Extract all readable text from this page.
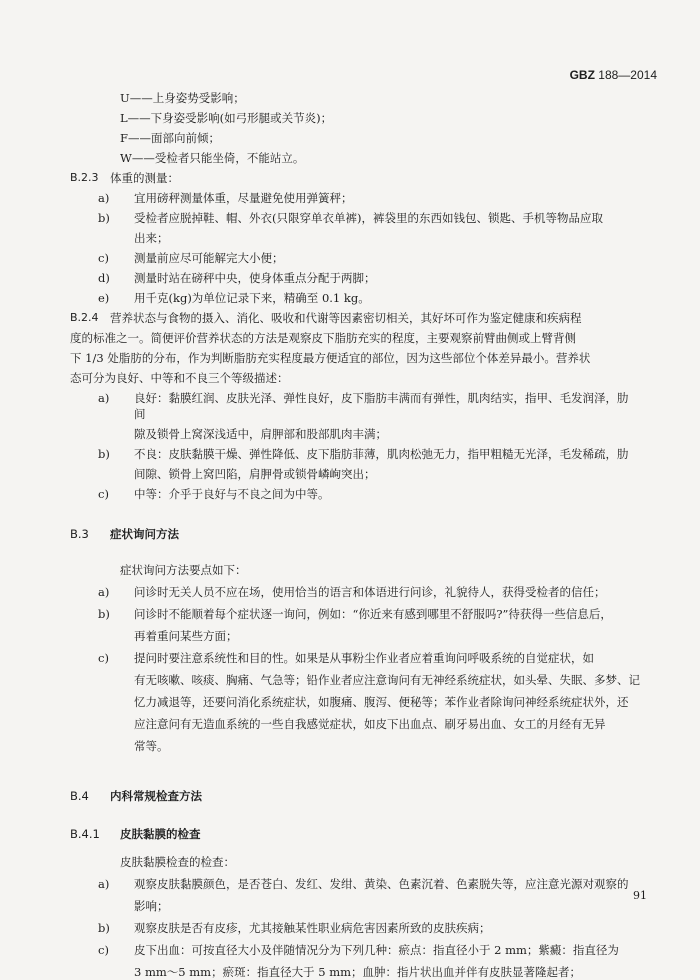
GBZ 188—2014
U——上身姿势受影响；
L——下身姿受影响(如弓形腿或关节炎)；
F——面部向前倾；
W——受检者只能坐倚，不能站立。
B.2.3 体重的测量：
a)	宜用磅秤测量体重，尽量避免使用弹簧秤；
b)	受检者应脱掉鞋、帽、外衣(只限穿单衣单裤)，裤袋里的东西如钱包、锁匙、手机等物品应取
出来；
c)	测量前应尽可能解完大小便；
d)	测量时站在磅秤中央，使身体重点分配于两脚；
e)	用千克(kg)为单位记录下来，精确至 0.1 kg。
B.2.4 营养状态与食物的摄入、消化、吸收和代谢等因素密切相关，其好坏可作为鉴定健康和疾病程
度的标准之一。简便评价营养状态的方法是观察皮下脂肪充实的程度，主要观察前臂曲侧或上臂背侧
下 1/3 处脂肪的分布，作为判断脂肪充实程度最方便适宜的部位，因为这些部位个体差异最小。营养状
态可分为良好、中等和不良三个等级描述：
a)	良好：黏膜红润、皮肤光泽、弹性良好，皮下脂肪丰满而有弹性，肌肉结实，指甲、毛发润泽，肋间
隙及锁骨上窝深浅适中，肩胛部和股部肌肉丰满；
b)	不良：皮肤黏膜干燥、弹性降低、皮下脂肪菲薄，肌肉松弛无力，指甲粗糙无光泽，毛发稀疏，肋
间隙、锁骨上窝凹陷，肩胛骨或锁骨嶙峋突出；
c)	中等：介乎于良好与不良之间为中等。
B.3	症状询问方法
症状询问方法要点如下：
a)	问诊时无关人员不应在场，使用恰当的语言和体语进行问诊，礼貌待人，获得受检者的信任；
b)	问诊时不能顺着每个症状逐一询问，例如：“你近来有感到哪里不舒服吗?”待获得一些信息后，
再着重问某些方面；
c)	提问时要注意系统性和目的性。如果是从事粉尘作业者应着重询问呼吸系统的自觉症状，如
有无咳嗽、咳痰、胸痛、气急等；铅作业者应注意询问有无神经系统症状，如头晕、失眠、多梦、记
忆力减退等，还要问消化系统症状，如腹痛、腹泻、便秘等；苯作业者除询问神经系统症状外，还
应注意问有无造血系统的一些自我感觉症状，如皮下出血点、刷牙易出血、女工的月经有无异
常等。
B.4	内科常规检查方法
B.4.1	皮肤黏膜的检查
皮肤黏膜检查的检查：
a)	观察皮肤黏膜颜色，是否苍白、发红、发绀、黄染、色素沉着、色素脱失等，应注意光源对观察的
影响；
b)	观察皮肤是否有皮疹，尤其接触某性职业病危害因素所致的皮肤疾病；
c)	皮下出血：可按直径大小及伴随情况分为下列几种：瘀点：指直径小于 2 mm；紫癜：指直径为
3 mm～5 mm；瘀斑：指直径大于 5 mm；血肿：指片状出血并伴有皮肤显著隆起者；
91
